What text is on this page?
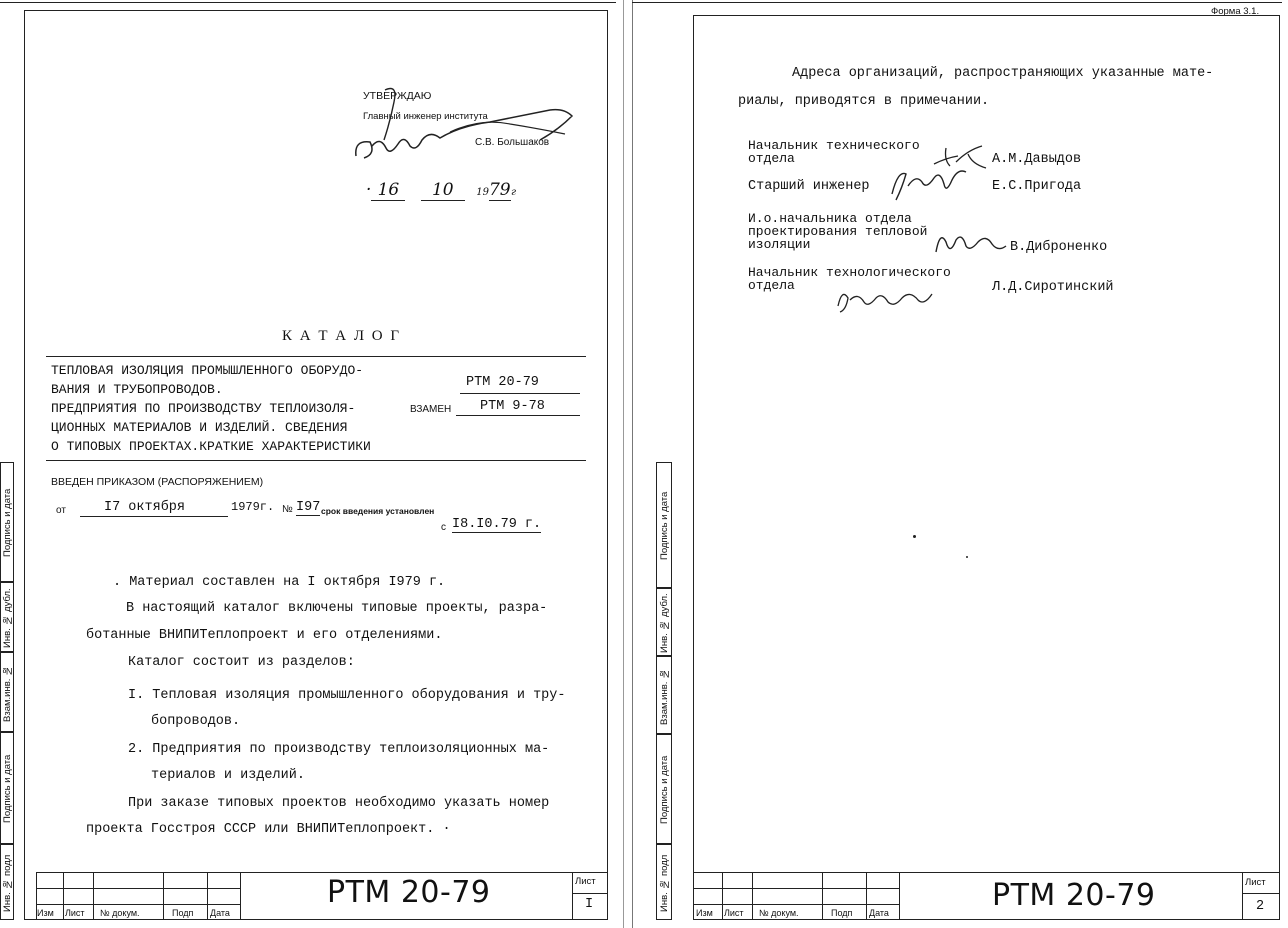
Подпись и дата
Инв. № дубл.
Взам.инв. №
Подпись и дата
Инв. № подл
УТВЕРЖДАЮ
Главный инженер института
С.В. Большаков
· 16 10 1979г
К А Т А Л О Г
ТЕПЛОВАЯ ИЗОЛЯЦИЯ ПРОМЫШЛЕННОГО ОБОРУДО-
ВАНИЯ И ТРУБОПРОВОДОВ.
ПРЕДПРИЯТИЯ ПО ПРОИЗВОДСТВУ ТЕПЛОИЗОЛЯ-
ЦИОННЫХ МАТЕРИАЛОВ И ИЗДЕЛИЙ. СВЕДЕНИЯ
О ТИПОВЫХ ПРОЕКТАХ.КРАТКИЕ ХАРАКТЕРИСТИКИ
РТМ 20-79
ВЗАМЕН РТМ 9-78
ВВЕДЕН ПРИКАЗОМ (РАСПОРЯЖЕНИЕМ)
от	I7 октября	1979г. № I97 срок введения установлен
с I8.I0.79 г.
. Материал составлен на I октября I979 г.
В настоящий каталог включены типовые проекты, разра-
ботанные ВНИПИТеплопроект и его отделениями.
Каталог состоит из разделов:
I. Тепловая изоляция промышленного оборудования и тру-
бопроводов.
2. Предприятия по производству теплоизоляционных ма-
териалов и изделий.
При заказе типовых проектов необходимо указать номер
проекта Госстроя СССР или ВНИПИТеплопроект. ·
Изм Лист № докум.	Подп Дата
РТМ 20-79	Лист
I
Форма 3.1.
Подпись и дата
Инв. № дубл.
Взам.инв. №
Подпись и дата
Инв. № подл
Адреса организаций, распространяющих указанные мате-
риалы, приводятся в примечании.
Начальник технического
отдела	А.М.Давыдов
Старший инженер	Е.С.Пригода
И.о.начальника отдела
проектирования тепловой
изоляции	В.Диброненко
Начальник технологического
отдела	Л.Д.Сиротинский
Изм Лист № докум.	Подп Дата	РТМ 20-79	Лист
2
